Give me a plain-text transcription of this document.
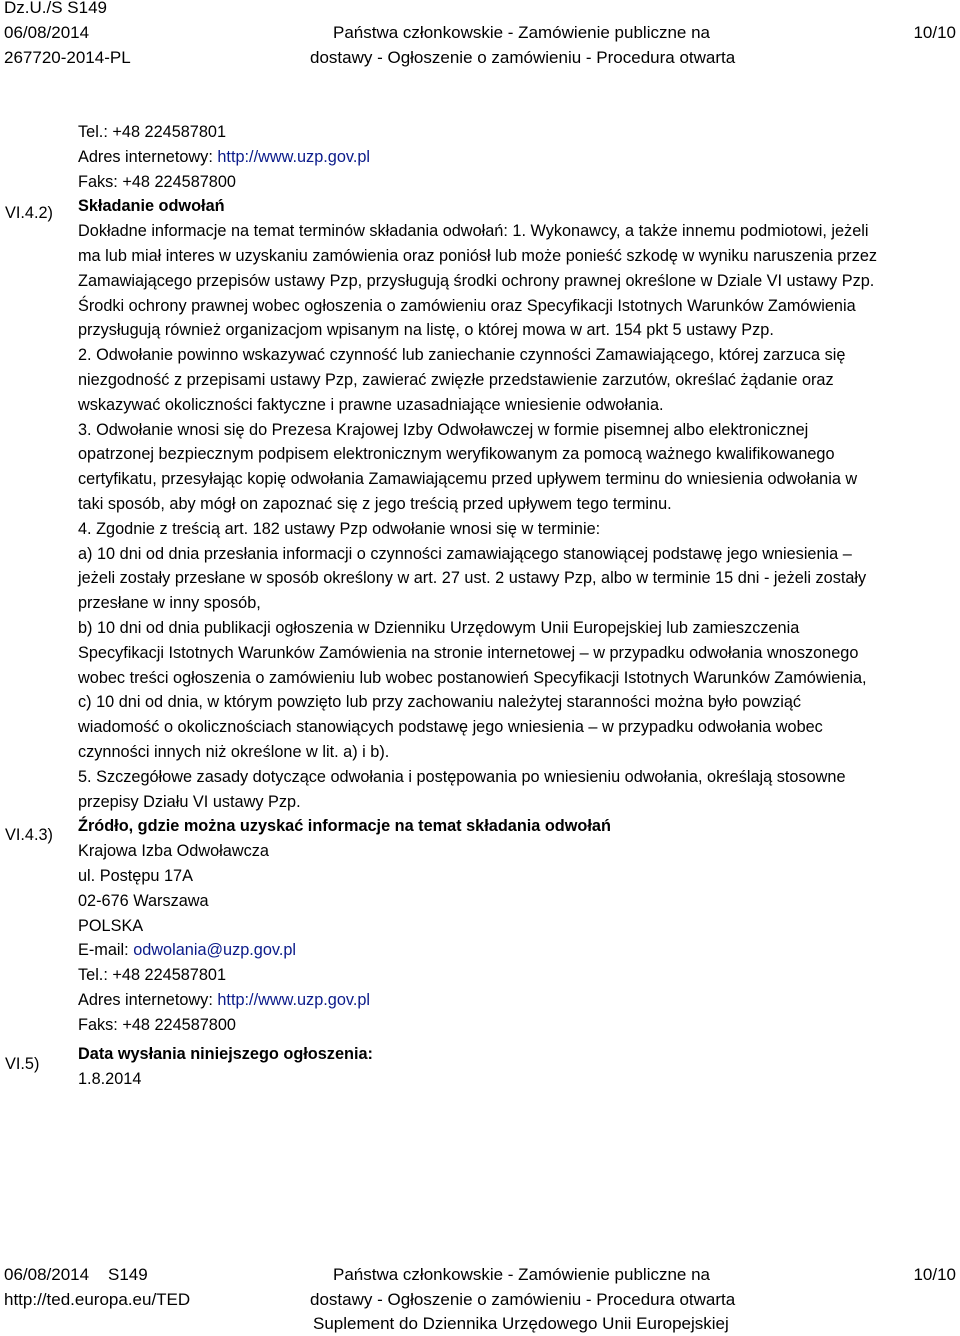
Dz.U./S S149
06/08/2014
267720-2014-PL
Państwa członkowskie - Zamówienie publiczne na
dostawy - Ogłoszenie o zamówieniu - Procedura otwarta
10/10
VI.4.2)
VI.4.3)
VI.5)
Tel.: +48 224587801
Adres internetowy: http://www.uzp.gov.pl
Faks: +48 224587800
Składanie odwołań
Dokładne informacje na temat terminów składania odwołań: 1. Wykonawcy, a także innemu podmiotowi, jeżeli
ma lub miał interes w uzyskaniu zamówienia oraz poniósł lub może ponieść szkodę w wyniku naruszenia przez
Zamawiającego przepisów ustawy Pzp, przysługują środki ochrony prawnej określone w Dziale VI ustawy Pzp.
Środki ochrony prawnej wobec ogłoszenia o zamówieniu oraz Specyfikacji Istotnych Warunków Zamówienia
przysługują również organizacjom wpisanym na listę, o której mowa w art. 154 pkt 5 ustawy Pzp.
2. Odwołanie powinno wskazywać czynność lub zaniechanie czynności Zamawiającego, której zarzuca się
niezgodność z przepisami ustawy Pzp, zawierać zwięzłe przedstawienie zarzutów, określać żądanie oraz
wskazywać okoliczności faktyczne i prawne uzasadniające wniesienie odwołania.
3. Odwołanie wnosi się do Prezesa Krajowej Izby Odwoławczej w formie pisemnej albo elektronicznej
opatrzonej bezpiecznym podpisem elektronicznym weryfikowanym za pomocą ważnego kwalifikowanego
certyfikatu, przesyłając kopię odwołania Zamawiającemu przed upływem terminu do wniesienia odwołania w
taki sposób, aby mógł on zapoznać się z jego treścią przed upływem tego terminu.
4. Zgodnie z treścią art. 182 ustawy Pzp odwołanie wnosi się w terminie:
a) 10 dni od dnia przesłania informacji o czynności zamawiającego stanowiącej podstawę jego wniesienia –
jeżeli zostały przesłane w sposób określony w art. 27 ust. 2 ustawy Pzp, albo w terminie 15 dni - jeżeli zostały
przesłane w inny sposób,
b) 10 dni od dnia publikacji ogłoszenia w Dzienniku Urzędowym Unii Europejskiej lub zamieszczenia
Specyfikacji Istotnych Warunków Zamówienia na stronie internetowej – w przypadku odwołania wnoszonego
wobec treści ogłoszenia o zamówieniu lub wobec postanowień Specyfikacji Istotnych Warunków Zamówienia,
c) 10 dni od dnia, w którym powzięto lub przy zachowaniu należytej staranności można było powziąć
wiadomość o okolicznościach stanowiących podstawę jego wniesienia – w przypadku odwołania wobec
czynności innych niż określone w lit. a) i b).
5. Szczegółowe zasady dotyczące odwołania i postępowania po wniesieniu odwołania, określają stosowne
przepisy Działu VI ustawy Pzp.
Źródło, gdzie można uzyskać informacje na temat składania odwołań
Krajowa Izba Odwoławcza
ul. Postępu 17A
02-676 Warszawa
POLSKA
E-mail: odwolania@uzp.gov.pl
Tel.: +48 224587801
Adres internetowy: http://www.uzp.gov.pl
Faks: +48 224587800
Data wysłania niniejszego ogłoszenia:
1.8.2014
06/08/2014    S149
http://ted.europa.eu/TED
Państwa członkowskie - Zamówienie publiczne na
dostawy - Ogłoszenie o zamówieniu - Procedura otwarta
Suplement do Dziennika Urzędowego Unii Europejskiej
10/10
